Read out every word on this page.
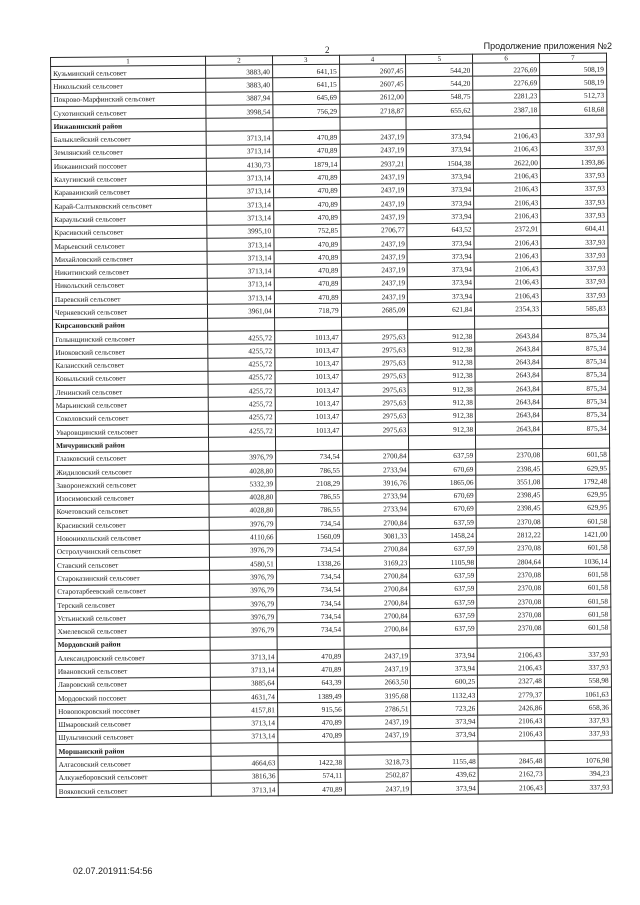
2	Продолжение приложения №2
1	2	3	4	5	6	7
Кузьминский сельсовет	3883,40	641,15	2607,45	544,20	2276,69	508,19
Никольский сельсовет	3883,40	641,15	2607,45	544,20	2276,69	508,19
Покрово-Марфинский сельсовет	3887,94	645,69	2612,00	548,75	2281,23	512,73
Сухотинский сельсовет	3998,54	756,29	2718,87	655,62	2387,18	618,68
Инжавинский район						
Балыклейский сельсовет	3713,14	470,89	2437,19	373,94	2106,43	337,93
Землянский сельсовет	3713,14	470,89	2437,19	373,94	2106,43	337,93
Инжавинский поссовет	4130,73	1879,14	2937,21	1504,38	2622,00	1393,86
Калугинский сельсовет	3713,14	470,89	2437,19	373,94	2106,43	337,93
Караваинский сельсовет	3713,14	470,89	2437,19	373,94	2106,43	337,93
Карай-Салтыковский сельсовет	3713,14	470,89	2437,19	373,94	2106,43	337,93
Караульский сельсовет	3713,14	470,89	2437,19	373,94	2106,43	337,93
Красивский сельсовет	3995,10	752,85	2706,77	643,52	2372,91	604,41
Марьевский сельсовет	3713,14	470,89	2437,19	373,94	2106,43	337,93
Михайловский сельсовет	3713,14	470,89	2437,19	373,94	2106,43	337,93
Никитинский сельсовет	3713,14	470,89	2437,19	373,94	2106,43	337,93
Никольский сельсовет	3713,14	470,89	2437,19	373,94	2106,43	337,93
Паревский сельсовет	3713,14	470,89	2437,19	373,94	2106,43	337,93
Черняевский сельсовет	3961,04	718,79	2685,09	621,84	2354,33	585,83
Кирсановский район						
Голынщинский сельсовет	4255,72	1013,47	2975,63	912,38	2643,84	875,34
Иноковский сельсовет	4255,72	1013,47	2975,63	912,38	2643,84	875,34
Калаисский сельсовет	4255,72	1013,47	2975,63	912,38	2643,84	875,34
Ковыльский сельсовет	4255,72	1013,47	2975,63	912,38	2643,84	875,34
Ленинский сельсовет	4255,72	1013,47	2975,63	912,38	2643,84	875,34
Марьинский сельсовет	4255,72	1013,47	2975,63	912,38	2643,84	875,34
Соколовский сельсовет	4255,72	1013,47	2975,63	912,38	2643,84	875,34
Уваровщинский сельсовет	4255,72	1013,47	2975,63	912,38	2643,84	875,34
Мичуринский район						
Глазковский сельсовет	3976,79	734,54	2700,84	637,59	2370,08	601,58
Жидиловский сельсовет	4028,80	786,55	2733,94	670,69	2398,45	629,95
Заворонежский сельсовет	5332,39	2108,29	3916,76	1865,06	3551,08	1792,48
Изосимовский сельсовет	4028,80	786,55	2733,94	670,69	2398,45	629,95
Кочетовский сельсовет	4028,80	786,55	2733,94	670,69	2398,45	629,95
Красивский сельсовет	3976,79	734,54	2700,84	637,59	2370,08	601,58
Новоникольский сельсовет	4110,66	1560,09	3081,33	1458,24	2812,22	1421,00
Остролучинский сельсовет	3976,79	734,54	2700,84	637,59	2370,08	601,58
Ставский сельсовет	4580,51	1338,26	3169,23	1105,98	2804,64	1036,14
Староказинский сельсовет	3976,79	734,54	2700,84	637,59	2370,08	601,58
Старотарбеевский сельсовет	3976,79	734,54	2700,84	637,59	2370,08	601,58
Терский сельсовет	3976,79	734,54	2700,84	637,59	2370,08	601,58
Устьинский сельсовет	3976,79	734,54	2700,84	637,59	2370,08	601,58
Хмелевской сельсовет	3976,79	734,54	2700,84	637,59	2370,08	601,58
Мордовский район						
Александровский сельсовет	3713,14	470,89	2437,19	373,94	2106,43	337,93
Ивановский сельсовет	3713,14	470,89	2437,19	373,94	2106,43	337,93
Лавровский сельсовет	3885,64	643,39	2663,50	600,25	2327,48	558,98
Мордовский поссовет	4631,74	1389,49	3195,68	1132,43	2779,37	1061,63
Новопокровский поссовет	4157,81	915,56	2786,51	723,26	2426,86	658,36
Шмаровский сельсовет	3713,14	470,89	2437,19	373,94	2106,43	337,93
Шульгинский сельсовет	3713,14	470,89	2437,19	373,94	2106,43	337,93
Моршанский район						
Алгасовский сельсовет	4664,63	1422,38	3218,73	1155,48	2845,48	1076,98
Алкужеборовский сельсовет	3816,36	574,11	2502,87	439,62	2162,73	394,23
Вояковский сельсовет	3713,14	470,89	2437,19	373,94	2106,43	337,93
02.07.201911:54:56
